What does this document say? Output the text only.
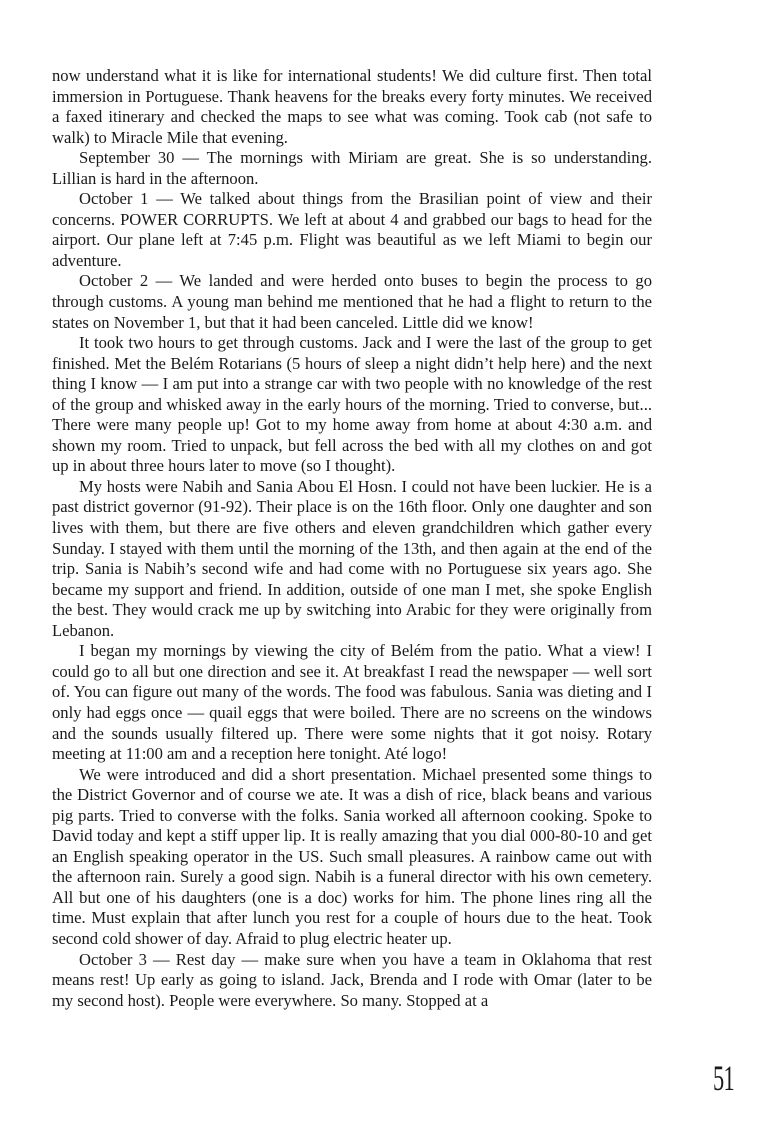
now understand what it is like for international students! We did culture first. Then total immersion in Portuguese. Thank heavens for the breaks every forty minutes. We received a faxed itinerary and checked the maps to see what was coming. Took cab (not safe to walk) to Miracle Mile that evening.

September 30 — The mornings with Miriam are great. She is so understanding. Lillian is hard in the afternoon.

October 1 — We talked about things from the Brasilian point of view and their concerns. POWER CORRUPTS. We left at about 4 and grabbed our bags to head for the airport. Our plane left at 7:45 p.m. Flight was beautiful as we left Miami to begin our adventure.

October 2 — We landed and were herded onto buses to begin the process to go through customs. A young man behind me mentioned that he had a flight to return to the states on November 1, but that it had been canceled. Little did we know!

It took two hours to get through customs. Jack and I were the last of the group to get finished. Met the Belém Rotarians (5 hours of sleep a night didn’t help here) and the next thing I know — I am put into a strange car with two people with no knowledge of the rest of the group and whisked away in the early hours of the morning. Tried to converse, but... There were many people up! Got to my home away from home at about 4:30 a.m. and shown my room. Tried to unpack, but fell across the bed with all my clothes on and got up in about three hours later to move (so I thought).

My hosts were Nabih and Sania Abou El Hosn. I could not have been luckier. He is a past district governor (91-92). Their place is on the 16th floor. Only one daughter and son lives with them, but there are five others and eleven grandchildren which gather every Sunday. I stayed with them until the morning of the 13th, and then again at the end of the trip. Sania is Nabih’s second wife and had come with no Portuguese six years ago. She became my support and friend. In addition, outside of one man I met, she spoke English the best. They would crack me up by switching into Arabic for they were originally from Lebanon.

I began my mornings by viewing the city of Belém from the patio. What a view! I could go to all but one direction and see it. At breakfast I read the newspaper — well sort of. You can figure out many of the words. The food was fabulous. Sania was dieting and I only had eggs once — quail eggs that were boiled. There are no screens on the windows and the sounds usually filtered up. There were some nights that it got noisy. Rotary meeting at 11:00 am and a reception here tonight. Até logo!

We were introduced and did a short presentation. Michael presented some things to the District Governor and of course we ate. It was a dish of rice, black beans and various pig parts. Tried to converse with the folks. Sania worked all afternoon cooking. Spoke to David today and kept a stiff upper lip. It is really amazing that you dial 000-80-10 and get an English speaking operator in the US. Such small pleasures. A rainbow came out with the afternoon rain. Surely a good sign. Nabih is a funeral director with his own cemetery. All but one of his daughters (one is a doc) works for him. The phone lines ring all the time. Must explain that after lunch you rest for a couple of hours due to the heat. Took second cold shower of day. Afraid to plug electric heater up.

October 3 — Rest day — make sure when you have a team in Oklahoma that rest means rest! Up early as going to island. Jack, Brenda and I rode with Omar (later to be my second host). People were everywhere. So many. Stopped at a

51
